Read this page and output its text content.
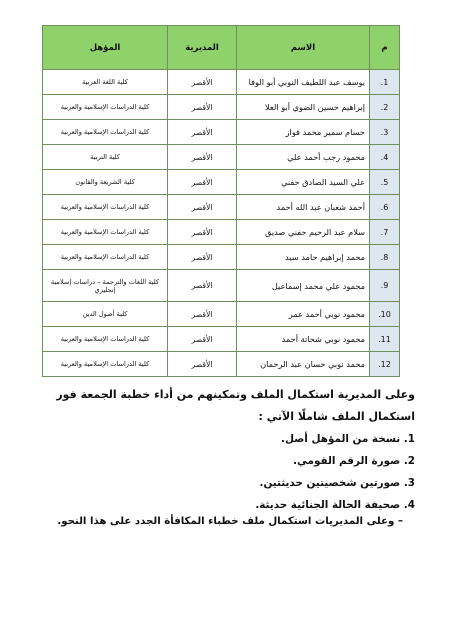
م	الاسم	المديرية	المؤهل
1.	يوسف عبد اللطيف النوبي أبو الوفا	الأقصر	كلية اللغة العربية
2.	إبراهيم حسين الضوي أبو العلا	الأقصر	كلية الدراسات الإسلامية والعربية
3.	حسام سمير محمد فواز	الأقصر	كلية الدراسات الإسلامية والعربية
4.	محمود رجب أحمد علي	الأقصر	كلية التربية
5.	علي السيد الصادق حفني	الأقصر	كلية الشريعة والقانون
6.	أحمد شعبان عبد الله أحمد	الأقصر	كلية الدراسات الإسلامية والعربية
7.	سلام عبد الرحيم حفني صديق	الأقصر	كلية الدراسات الإسلامية والعربية
8.	محمد إبراهيم حامد سيد	الأقصر	كلية الدراسات الإسلامية والعربية
9.	محمود علي محمد إسماعيل	الأقصر	كلية اللغات والترجمة – دراسات إسلامية إنجليزي
10.	محمود نوبي أحمد عمر	الأقصر	كلية أصول الدين
11.	محمود نوبي شحاتة أحمد	الأقصر	كلية الدراسات الإسلامية والعربية
12.	محمد نوبي حسان عبد الرحمان	الأقصر	كلية الدراسات الإسلامية والعربية

وعلى المديرية استكمال الملف وتمكينهم من أداء خطبة الجمعة فور استكمال الملف شاملًا الآتي :

1. نسخة من المؤهل أصل.
2. صورة الرقم القومي.
3. صورتين شخصيتين حديثتين.
4. صحيفة الحالة الجنائية حديثة.

– وعلى المديريات استكمال ملف خطباء المكافأة الجدد على هذا النحو.
